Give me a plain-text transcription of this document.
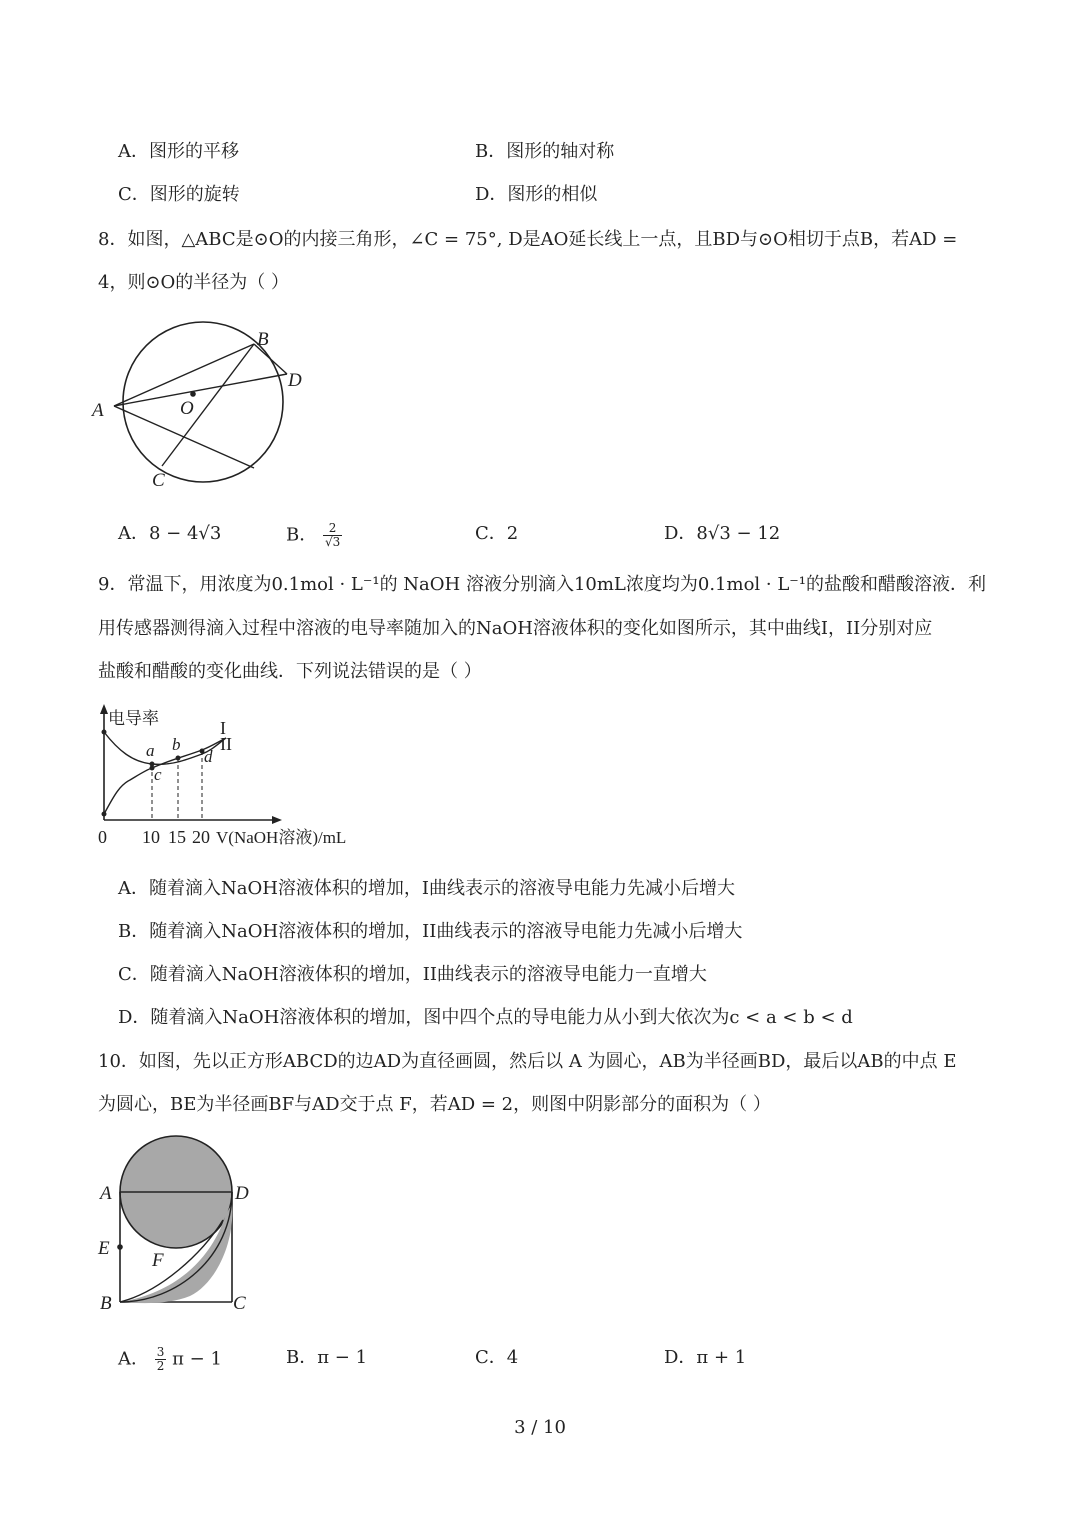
A．图形的平移	B．图形的轴对称
C．图形的旋转	D．图形的相似
8．如图，△ABC是⊙O的内接三角形，∠C = 75°, D是AO延长线上一点，且BD与⊙O相切于点B，若AD =
4，则⊙O的半径为（ ）
A
B
C
D
O
A．8 − 4√3	B． $\frac{2}{√3}$	C．2	D．8√3 − 12
9．常温下，用浓度为0.1mol · L⁻¹的 NaOH 溶液分别滴入10mL浓度均为0.1mol · L⁻¹的盐酸和醋酸溶液．利
用传感器测得滴入过程中溶液的电导率随加入的NaOH溶液体积的变化如图所示，其中曲线I，II分别对应
盐酸和醋酸的变化曲线．下列说法错误的是（ ）
电导率	I
II
a b
c
d
0 10 15 20 V(NaOH溶液)/mL
A．随着滴入NaOH溶液体积的增加，I曲线表示的溶液导电能力先减小后增大
B．随着滴入NaOH溶液体积的增加，II曲线表示的溶液导电能力先减小后增大
C．随着滴入NaOH溶液体积的增加，II曲线表示的溶液导电能力一直增大
D．随着滴入NaOH溶液体积的增加，图中四个点的导电能力从小到大依次为c < a < b < d
10．如图，先以正方形ABCD的边AD为直径画圆，然后以 A 为圆心，AB为半径画BD，最后以AB的中点 E
为圆心，BE为半径画BF与AD交于点 F，若AD = 2，则图中阴影部分的面积为（ ）
A	D
E
F
B	C
A． $\frac{3}{2}$ π − 1	B．π − 1	C．4	D．π + 1
3 / 10
